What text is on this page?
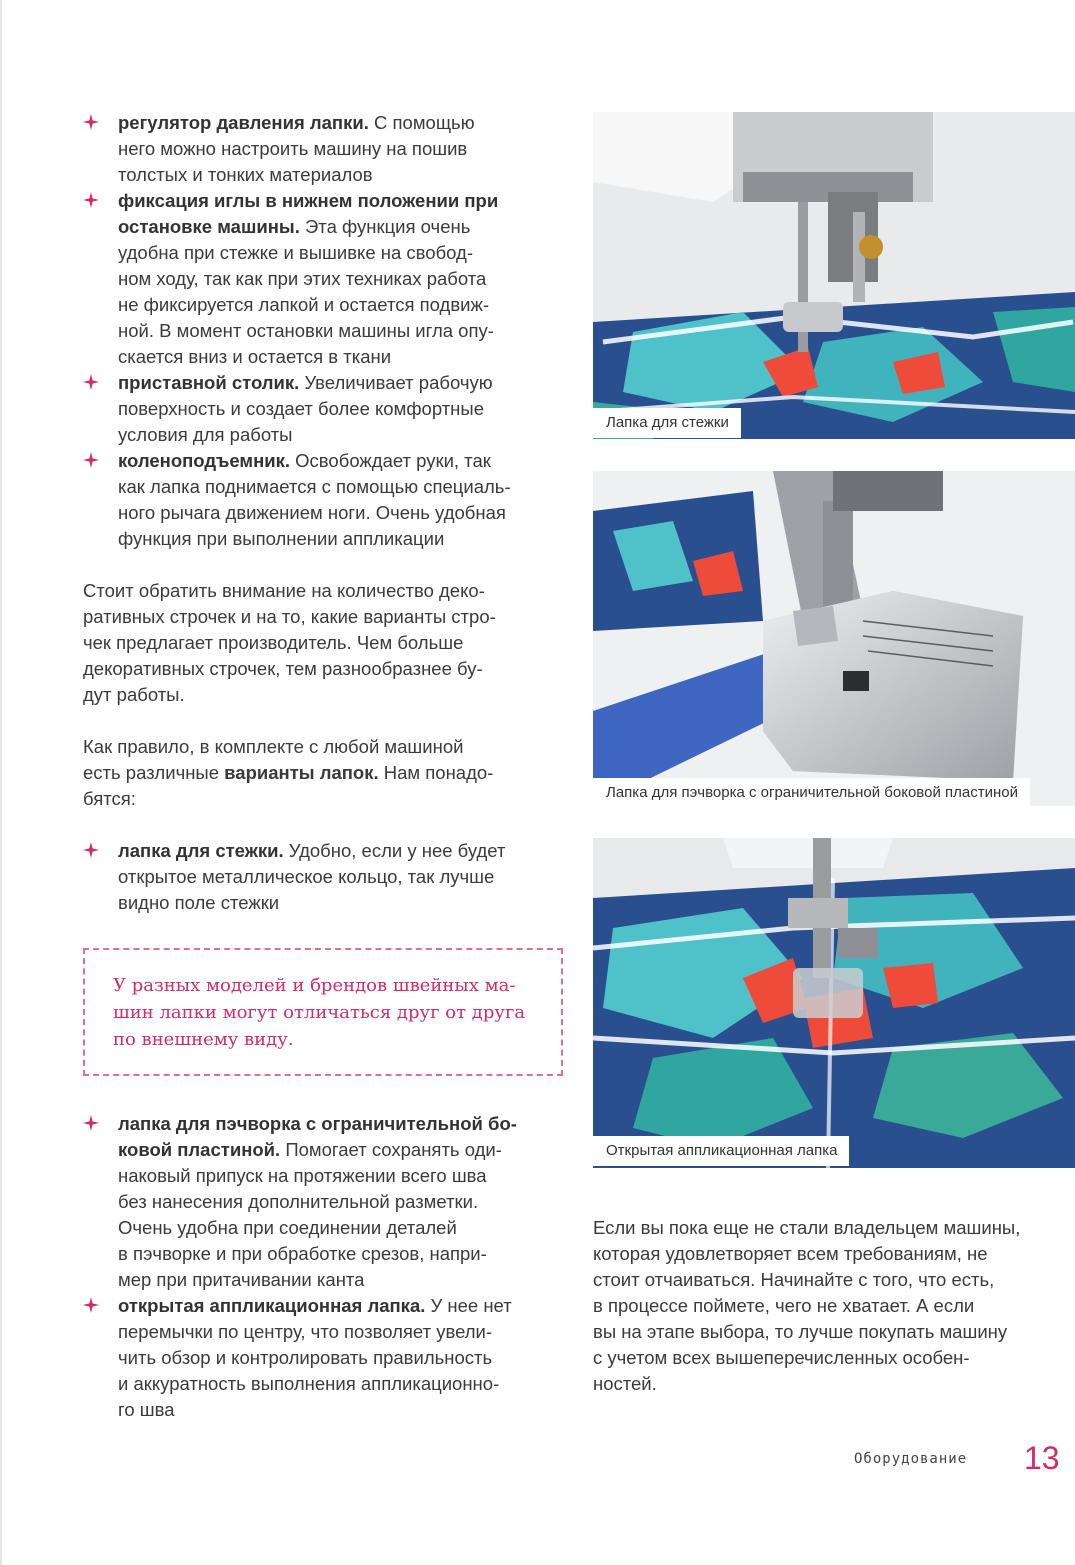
регулятор давления лапки. С помощью
него можно настроить машину на пошив
толстых и тонких материалов
фиксация иглы в нижнем положении при
остановке машины. Эта функция очень
удобна при стежке и вышивке на свобод-
ном ходу, так как при этих техниках работа
не фиксируется лапкой и остается подвиж-
ной. В момент остановки машины игла опу-
скается вниз и остается в ткани
приставной столик. Увеличивает рабочую
поверхность и создает более комфортные
условия для работы
коленоподъемник. Освобождает руки, так
как лапка поднимается с помощью специаль-
ного рычага движением ноги. Очень удобная
функция при выполнении аппликации

Стоит обратить внимание на количество деко-
ративных строчек и на то, какие варианты стро-
чек предлагает производитель. Чем больше
декоративных строчек, тем разнообразнее бу-
дут работы.

Как правило, в комплекте с любой машиной
есть различные варианты лапок. Нам понадо-
бятся:

лапка для стежки. Удобно, если у нее будет
открытое металлическое кольцо, так лучше
видно поле стежки

У разных моделей и брендов швейных ма-
шин лапки могут отличаться друг от друга
по внешнему виду.

лапка для пэчворка с ограничительной бо-
ковой пластиной. Помогает сохранять оди-
наковый припуск на протяжении всего шва
без нанесения дополнительной разметки.
Очень удобна при соединении деталей
в пэчворке и при обработке срезов, напри-
мер при притачивании канта
открытая аппликационная лапка. У нее нет
перемычки по центру, что позволяет увели-
чить обзор и контролировать правильность
и аккуратность выполнения аппликационно-
го шва
Лапка для стежки
Лапка для пэчворка с ограничительной боковой пластиной
Открытая аппликационная лапка

Если вы пока еще не стали владельцем машины,
которая удовлетворяет всем требованиям, не
стоит отчаиваться. Начинайте с того, что есть,
в процессе поймете, чего не хватает. А если
вы на этапе выбора, то лучше покупать машину
с учетом всех вышеперечисленных особен-
ностей.

Оборудование 13
